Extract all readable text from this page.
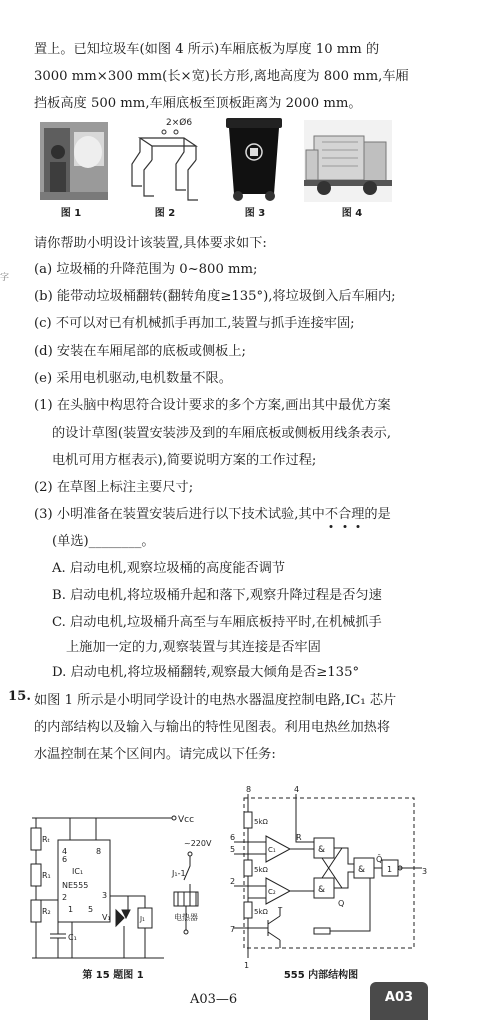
置上。已知垃圾车(如图 4 所示)车厢底板为厚度 10 mm 的
3000 mm×300 mm(长×宽)长方形,离地高度为 800 mm,车厢
挡板高度 500 mm,车厢底板至顶板距离为 2000 mm。
2×Ø6
图 1	图 2	图 3	图 4
字
请你帮助小明设计该装置,具体要求如下:
(a) 垃圾桶的升降范围为 0~800 mm;
(b) 能带动垃圾桶翻转(翻转角度≥135°),将垃圾倒入后车厢内;
(c) 不可以对已有机械抓手再加工,装置与抓手连接牢固;
(d) 安装在车厢尾部的底板或侧板上;
(e) 采用电机驱动,电机数量不限。
(1) 在头脑中构思符合设计要求的多个方案,画出其中最优方案
的设计草图(装置安装涉及到的车厢底板或侧板用线条表示,
电机可用方框表示),简要说明方案的工作过程;
(2) 在草图上标注主要尺寸;
(3) 小明准备在装置安装后进行以下技术试验,其中不合理的是
(单选)________。
A. 启动电机,观察垃圾桶的高度能否调节
B. 启动电机,将垃圾桶升起和落下,观察升降过程是否匀速
C. 启动电机,垃圾桶升高至与车厢底板持平时,在机械抓手
上施加一定的力,观察装置与其连接是否牢固
D. 启动电机,将垃圾桶翻转,观察最大倾角是否≥135°
15. 如图 1 所示是小明同学设计的电热水器温度控制电路,IC₁ 芯片
的内部结构以及输入与输出的特性见图表。利用电热丝加热将
水温控制在某个区间内。请完成以下任务:
Rₜ
R₁
R₂
IC₁
NE555
4	8
6
3
2
1 5
C₁
V₁	J₁
Vcc
~220V
J₁-1
电热器
第 15 题图 1
8	4
5kΩ
5kΩ
5kΩ
1
C₁
C₂
6
5
2
7
&
&
R
Q
&
Q̄
1	3
T
555 内部结构图
A03—6	A03
